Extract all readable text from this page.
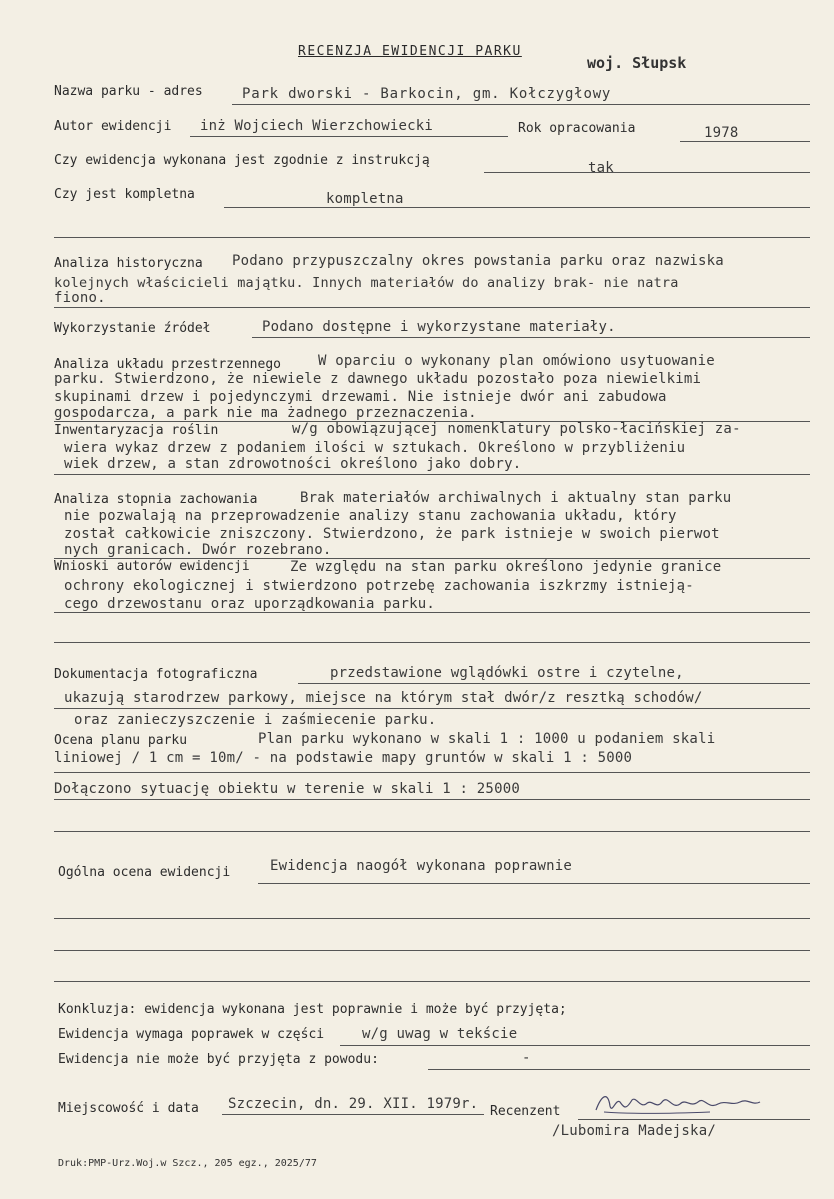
RECENZJA EWIDENCJI PARKU
woj. Słupsk
Nazwa parku - adres	Park dworski - Barkocin, gm. Kołczygłowy
Autor ewidencji inż Wojciech Wierzchowiecki	Rok opracowania	1978
Czy ewidencja wykonana jest zgodnie z instrukcją	tak
Czy jest kompletna	kompletna
Analiza historyczna Podano przypuszczalny okres powstania parku oraz nazwiska
kolejnych właścicieli majątku. Innych materiałów do analizy brak- nie natra
fiono.
Wykorzystanie źródeł	Podano dostępne i wykorzystane materiały.
Analiza układu przestrzennego	W oparciu o wykonany plan omówiono usytuowanie
parku. Stwierdzono, że niewiele z dawnego układu pozostało poza niewielkimi
skupinami drzew i pojedynczymi drzewami. Nie istnieje dwór ani zabudowa
gospodarcza, a park nie ma żadnego przeznaczenia.
Inwentaryzacja roślin	w/g obowiązującej nomenklatury polsko-łacińskiej za-
wiera wykaz drzew z podaniem ilości w sztukach. Określono w przybliżeniu
wiek drzew, a stan zdrowotności określono jako dobry.
Analiza stopnia zachowania	Brak materiałów archiwalnych i aktualny stan parku
nie pozwalają na przeprowadzenie analizy stanu zachowania układu, który
został całkowicie zniszczony. Stwierdzono, że park istnieje w swoich pierwot
nych granicach. Dwór rozebrano.
Wnioski autorów ewidencji	Ze względu na stan parku określono jedynie granice
ochrony ekologicznej i stwierdzono potrzebę zachowania iszkrzmy istnieją-
cego drzewostanu oraz uporządkowania parku.
Dokumentacja fotograficzna	przedstawione wglądówki ostre i czytelne,
ukazują starodrzew parkowy, miejsce na którym stał dwór/z resztką schodów/
oraz zanieczyszczenie i zaśmiecenie parku.
Ocena planu parku	Plan parku wykonano w skali 1 : 1000 u podaniem skali
liniowej / 1 cm = 10m/ - na podstawie mapy gruntów w skali 1 : 5000
Dołączono sytuację obiektu w terenie w skali 1 : 25000
Ogólna ocena ewidencji	Ewidencja naogół wykonana poprawnie
Konkluzja: ewidencja wykonana jest poprawnie i może być przyjęta;
Ewidencja wymaga poprawek w części	w/g uwag w tekście
Ewidencja nie może być przyjęta z powodu:	-
Miejscowość i data Szczecin, dn. 29. XII. 1979r. Recenzent
/Lubomira Madejska/
Druk:PMP-Urz.Woj.w Szcz., 205 egz., 2025/77
